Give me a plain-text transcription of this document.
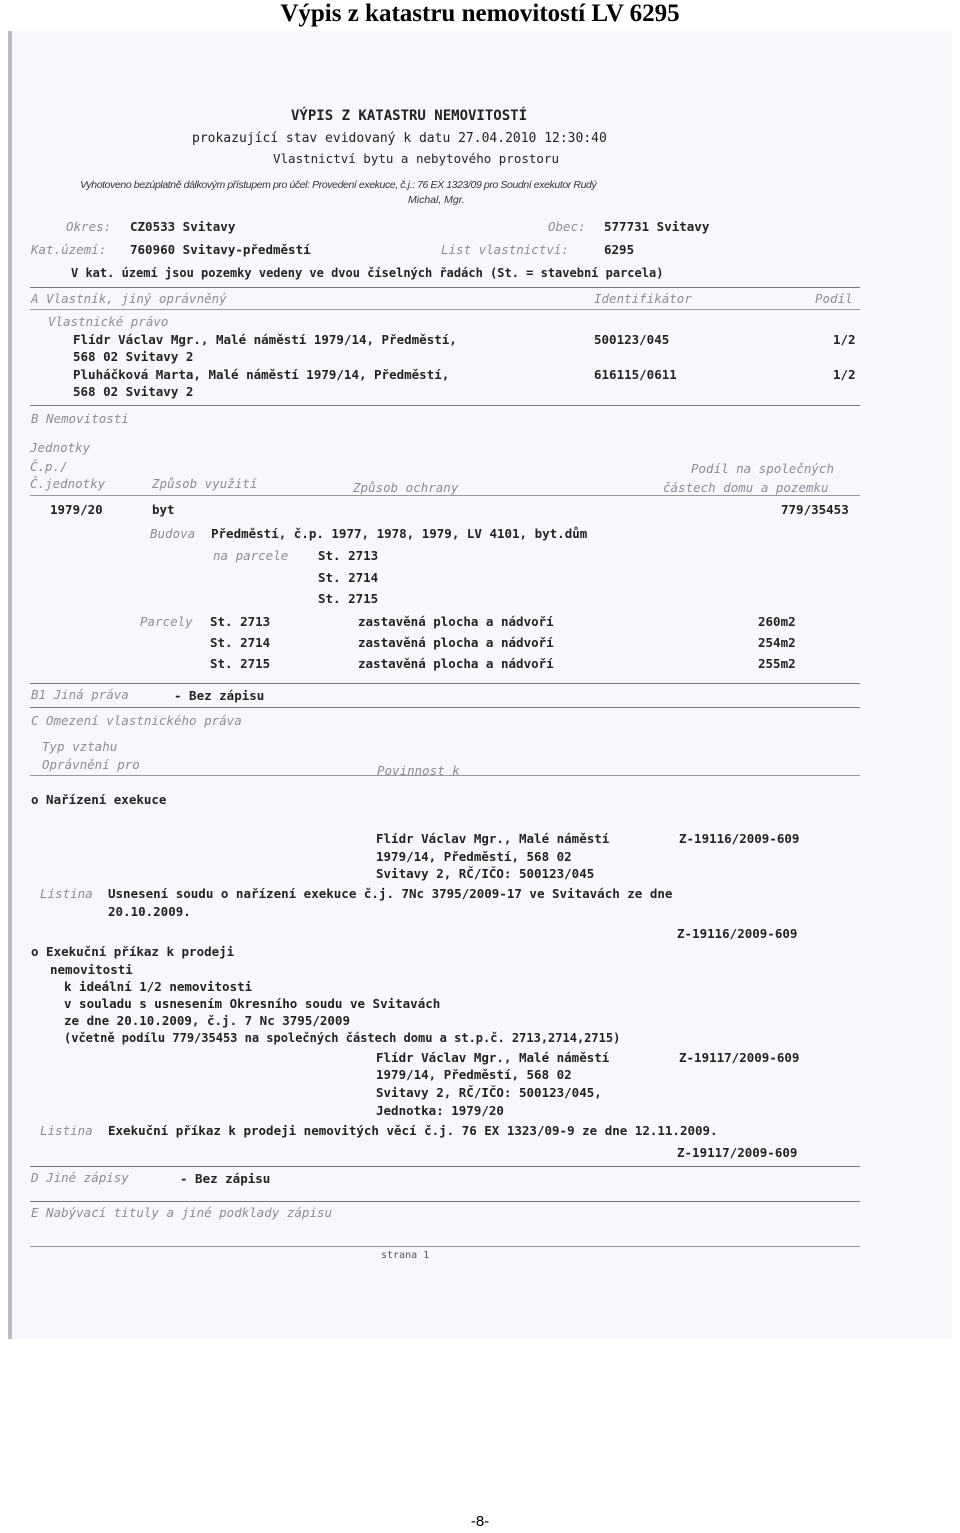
Výpis z katastru nemovitostí LV 6295
VÝPIS Z KATASTRU NEMOVITOSTÍ
prokazující stav evidovaný k datu 27.04.2010 12:30:40
Vlastnictví bytu a nebytového prostoru
Vyhotoveno bezúplatně dálkovým přístupem pro účel: Provedení exekuce, č.j.: 76 EX 1323/09 pro Soudní exekutor Rudý
Michal, Mgr.
Okres: CZ0533 Svitavy	Obec: 577731 Svitavy
Kat.území: 760960 Svitavy-předměstí	List vlastnictví:	6295
V kat. území jsou pozemky vedeny ve dvou číselných řadách (St. = stavební parcela)
A Vlastník, jiný oprávněný	Identifikátor	Podíl
Vlastnické právo
Flídr Václav Mgr., Malé náměstí 1979/14, Předměstí,
568 02 Svitavy 2
500123/045	1/2
Pluháčková Marta, Malé náměstí 1979/14, Předměstí,
568 02 Svitavy 2
616115/0611	1/2
B Nemovitosti
Jednotky
Č.p./
Č.jednotky	Způsob využití	Způsob ochrany
Podíl na společných
částech domu a pozemku
1979/20	byt	779/35453
Budova Předměstí, č.p. 1977, 1978, 1979, LV 4101, byt.dům
na parcele St. 2713
St. 2714
St. 2715
Parcely St. 2713	zastavěná plocha a nádvoří	260m2
St. 2714	zastavěná plocha a nádvoří	254m2
St. 2715	zastavěná plocha a nádvoří	255m2
B1 Jiná práva	- Bez zápisu
C Omezení vlastnického práva
Typ vztahu
Oprávnění pro	Povinnost k
o Nařízení exekuce
Flídr Václav Mgr., Malé náměstí
1979/14, Předměstí, 568 02
Svitavy 2, RČ/IČO: 500123/045
Z-19116/2009-609
Listina Usnesení soudu o nařízení exekuce č.j. 7Nc 3795/2009-17 ve Svitavách ze dne
20.10.2009.
Z-19116/2009-609
o Exekuční příkaz k prodeji
nemovitosti
k ideální 1/2 nemovitosti
v souladu s usnesením Okresního soudu ve Svitavách
ze dne 20.10.2009, č.j. 7 Nc 3795/2009
(včetně podílu 779/35453 na společných částech domu a st.p.č. 2713,2714,2715)
Flídr Václav Mgr., Malé náměstí
1979/14, Předměstí, 568 02
Svitavy 2, RČ/IČO: 500123/045,
Jednotka: 1979/20
Z-19117/2009-609
Listina Exekuční příkaz k prodeji nemovitých věcí č.j. 76 EX 1323/09-9 ze dne 12.11.2009.
Z-19117/2009-609
D Jiné zápisy	- Bez zápisu
E Nabývací tituly a jiné podklady zápisu
strana 1
-8-
